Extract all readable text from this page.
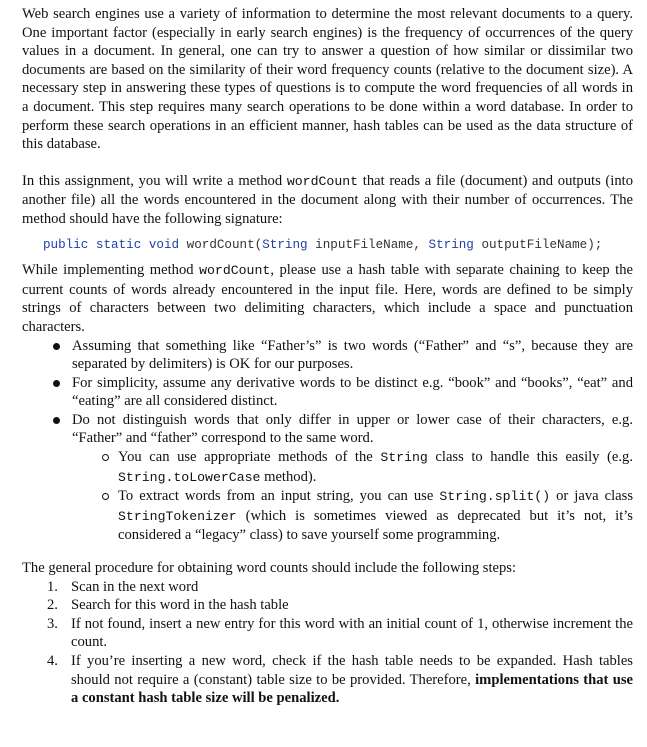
Web search engines use a variety of information to determine the most relevant documents to a query. One important factor (especially in early search engines) is the frequency of occurrences of the query values in a document. In general, one can try to answer a question of how similar or dissimilar two documents are based on the similarity of their word frequency counts (relative to the document size). A necessary step in answering these types of questions is to compute the word frequencies of all words in a document. This step requires many search operations to be done within a word database. In order to perform these search operations in an efficient manner, hash tables can be used as the data structure of this database.

In this assignment, you will write a method wordCount that reads a file (document) and outputs (into another file) all the words encountered in the document along with their number of occurrences. The method should have the following signature:

public static void wordCount(String inputFileName, String outputFileName);

While implementing method wordCount, please use a hash table with separate chaining to keep the current counts of words already encountered in the input file. Here, words are defined to be simply strings of characters between two delimiting characters, which include a space and punctuation characters.

Assuming that something like “Father’s” is two words (“Father” and “s”, because they are separated by delimiters) is OK for our purposes.
For simplicity, assume any derivative words to be distinct e.g. “book” and “books”, “eat” and “eating” are all considered distinct.
Do not distinguish words that only differ in upper or lower case of their characters, e.g. “Father” and “father” correspond to the same word.
You can use appropriate methods of the String class to handle this easily (e.g. String.toLowerCase method).
To extract words from an input string, you can use String.split() or java class StringTokenizer (which is sometimes viewed as deprecated but it’s not, it’s considered a “legacy” class) to save yourself some programming.

The general procedure for obtaining word counts should include the following steps:

1. Scan in the next word
2. Search for this word in the hash table
3. If not found, insert a new entry for this word with an initial count of 1, otherwise increment the count.
4. If you’re inserting a new word, check if the hash table needs to be expanded. Hash tables should not require a (constant) table size to be provided. Therefore, implementations that use a constant hash table size will be penalized.
